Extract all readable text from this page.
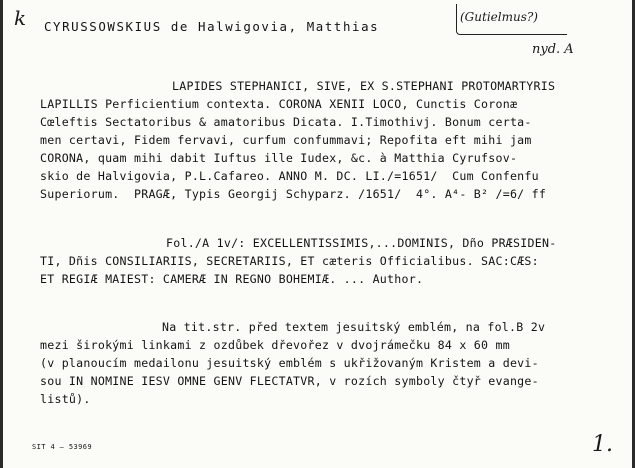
k CYRUSSOWSKIUS de Halwigovia, Matthias
(Gutielmus?)
nyd. A
LAPIDES STEPHANICI, SIVE, EX S.STEPHANI PROTOMARTYRIS
LAPILLIS Perficientium contexta. CORONA XENII LOCO, Cunctis Coronæ
Cœleftis Sectatoribus & amatoribus Dicata. I.Timothivj. Bonum certa-
men certavi, Fidem fervavi, curfum confummavi; Repofita eft mihi jam
CORONA, quam mihi dabit Iuftus ille Iudex, &c. à Matthia Cyrufsov-
skio de Halvigovia, P.L.Cafareo. ANNO M. DC. LI./=1651/  Cum Confenfu
Superiorum.  PRAGÆ, Typis Georgij Schyparz. /1651/  4°. A⁴- B² /=6/ ff
Fol./A 1v/: EXCELLENTISSIMIS,...DOMINIS, Dño PRÆSIDEN-
TI, Dñis CONSILIARIIS, SECRETARIIS, ET cæteris Officialibus. SAC:CÆS:
ET REGIÆ MAIEST: CAMERÆ IN REGNO BOHEMIÆ. ... Author.
Na tit.str. před textem jesuitský emblém, na fol.B 2v
mezi širokými linkami z ozdůbek dřevořez v dvojrámečku 84 x 60 mm
(v planoucím medailonu jesuitský emblém s ukřižovaným Kristem a devi-
sou IN NOMINE IESV OMNE GENV FLECTATVR, v rozích symboly čtyř evange-
listů).
SIT 4 — 53969	1.
